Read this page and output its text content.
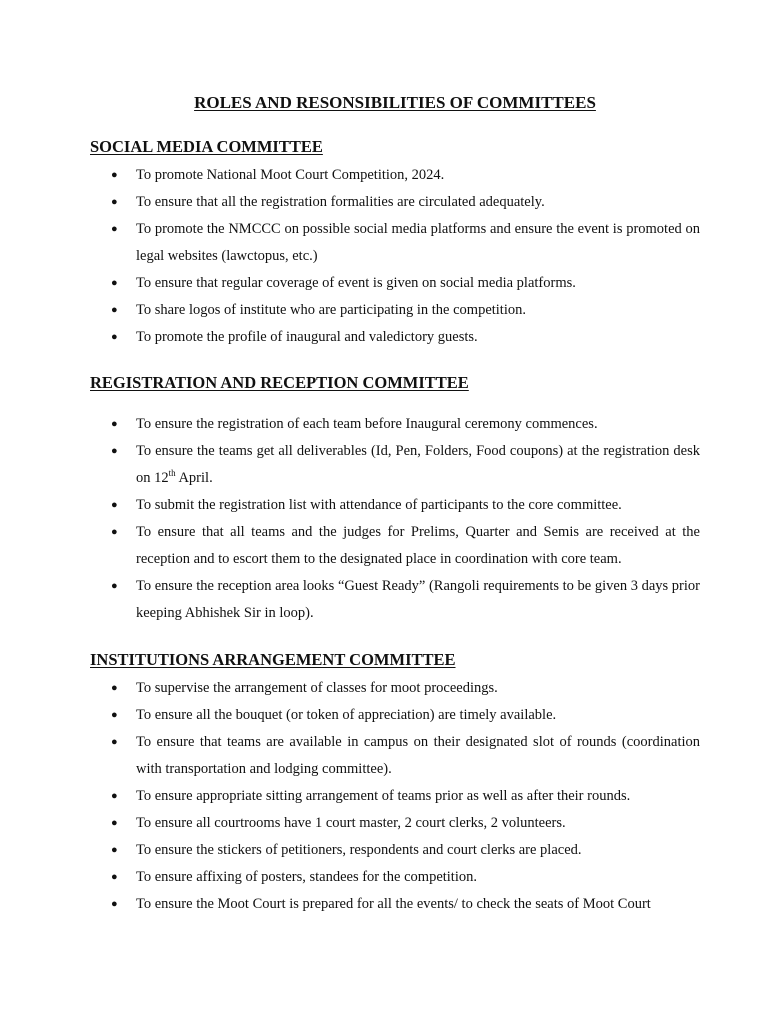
ROLES AND RESONSIBILITIES OF COMMITTEES
SOCIAL MEDIA COMMITTEE
● To promote National Moot Court Competition, 2024.
● To ensure that all the registration formalities are circulated adequately.
● To promote the NMCCC on possible social media platforms and ensure the event is promoted on legal websites (lawctopus, etc.)
● To ensure that regular coverage of event is given on social media platforms.
● To share logos of institute who are participating in the competition.
● To promote the profile of inaugural and valedictory guests.
REGISTRATION AND RECEPTION COMMITTEE
● To ensure the registration of each team before Inaugural ceremony commences.
● To ensure the teams get all deliverables (Id, Pen, Folders, Food coupons) at the registration desk on 12th April.
● To submit the registration list with attendance of participants to the core committee.
● To ensure that all teams and the judges for Prelims, Quarter and Semis are received at the reception and to escort them to the designated place in coordination with core team.
● To ensure the reception area looks “Guest Ready” (Rangoli requirements to be given 3 days prior keeping Abhishek Sir in loop).
INSTITUTIONS ARRANGEMENT COMMITTEE
● To supervise the arrangement of classes for moot proceedings.
● To ensure all the bouquet (or token of appreciation) are timely available.
● To ensure that teams are available in campus on their designated slot of rounds (coordination with transportation and lodging committee).
● To ensure appropriate sitting arrangement of teams prior as well as after their rounds.
● To ensure all courtrooms have 1 court master, 2 court clerks, 2 volunteers.
● To ensure the stickers of petitioners, respondents and court clerks are placed.
● To ensure affixing of posters, standees for the competition.
● To ensure the Moot Court is prepared for all the events/ to check the seats of Moot Court
